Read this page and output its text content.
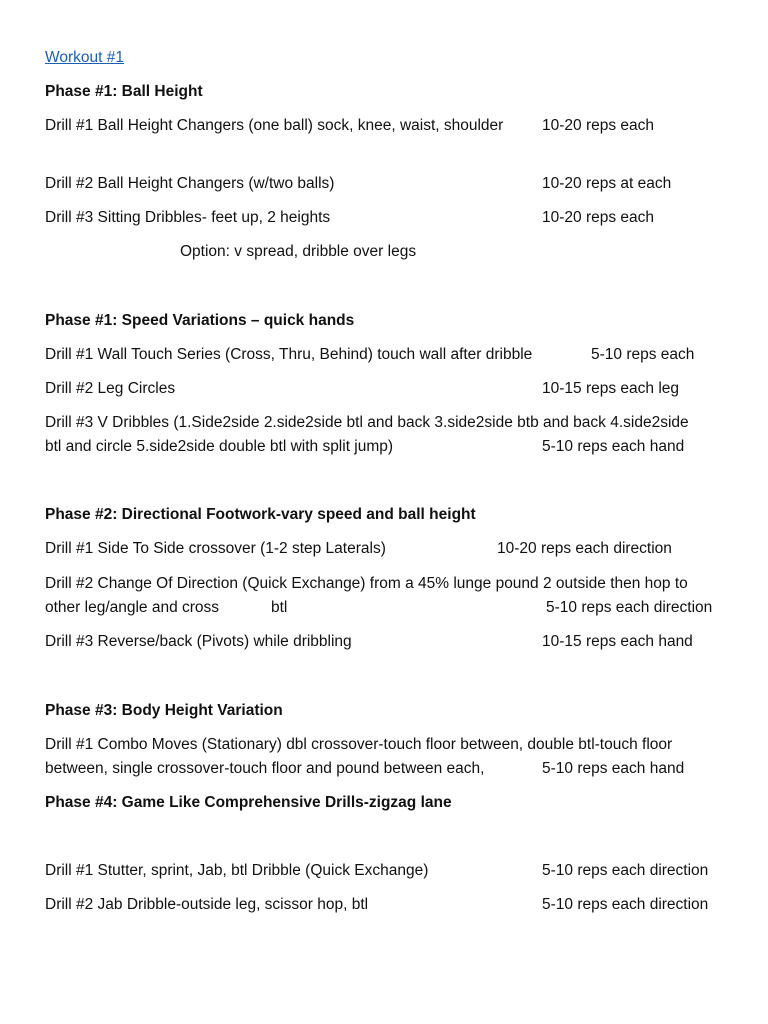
Workout #1
Phase #1: Ball Height
Drill #1 Ball Height Changers (one ball) sock, knee, waist, shoulder 10-20 reps each
Drill #2 Ball Height Changers (w/two balls)	10-20 reps at each
Drill #3 Sitting Dribbles- feet up, 2 heights	10-20 reps each
Option: v spread, dribble over legs
Phase #1: Speed Variations – quick hands
Drill #1 Wall Touch Series (Cross, Thru, Behind) touch wall after dribble	5-10 reps each
Drill #2 Leg Circles	10-15 reps each leg
Drill #3 V Dribbles (1.Side2side 2.side2side btl and back 3.side2side btb and back 4.side2side
btl and circle 5.side2side double btl with split jump)	5-10 reps each hand
Phase #2: Directional Footwork-vary speed and ball height
Drill #1 Side To Side crossover (1-2 step Laterals)	10-20 reps each direction
Drill #2 Change Of Direction (Quick Exchange) from a 45% lunge pound 2 outside then hop to
other leg/angle and cross	btl	5-10 reps each direction
Drill #3 Reverse/back (Pivots) while dribbling	10-15 reps each hand
Phase #3: Body Height Variation
Drill #1 Combo Moves (Stationary) dbl crossover-touch floor between, double btl-touch floor
between, single crossover-touch floor and pound between each,	5-10 reps each hand
Phase #4: Game Like Comprehensive Drills-zigzag lane
Drill #1 Stutter, sprint, Jab, btl Dribble (Quick Exchange)	5-10 reps each direction
Drill #2 Jab Dribble-outside leg, scissor hop, btl	5-10 reps each direction
